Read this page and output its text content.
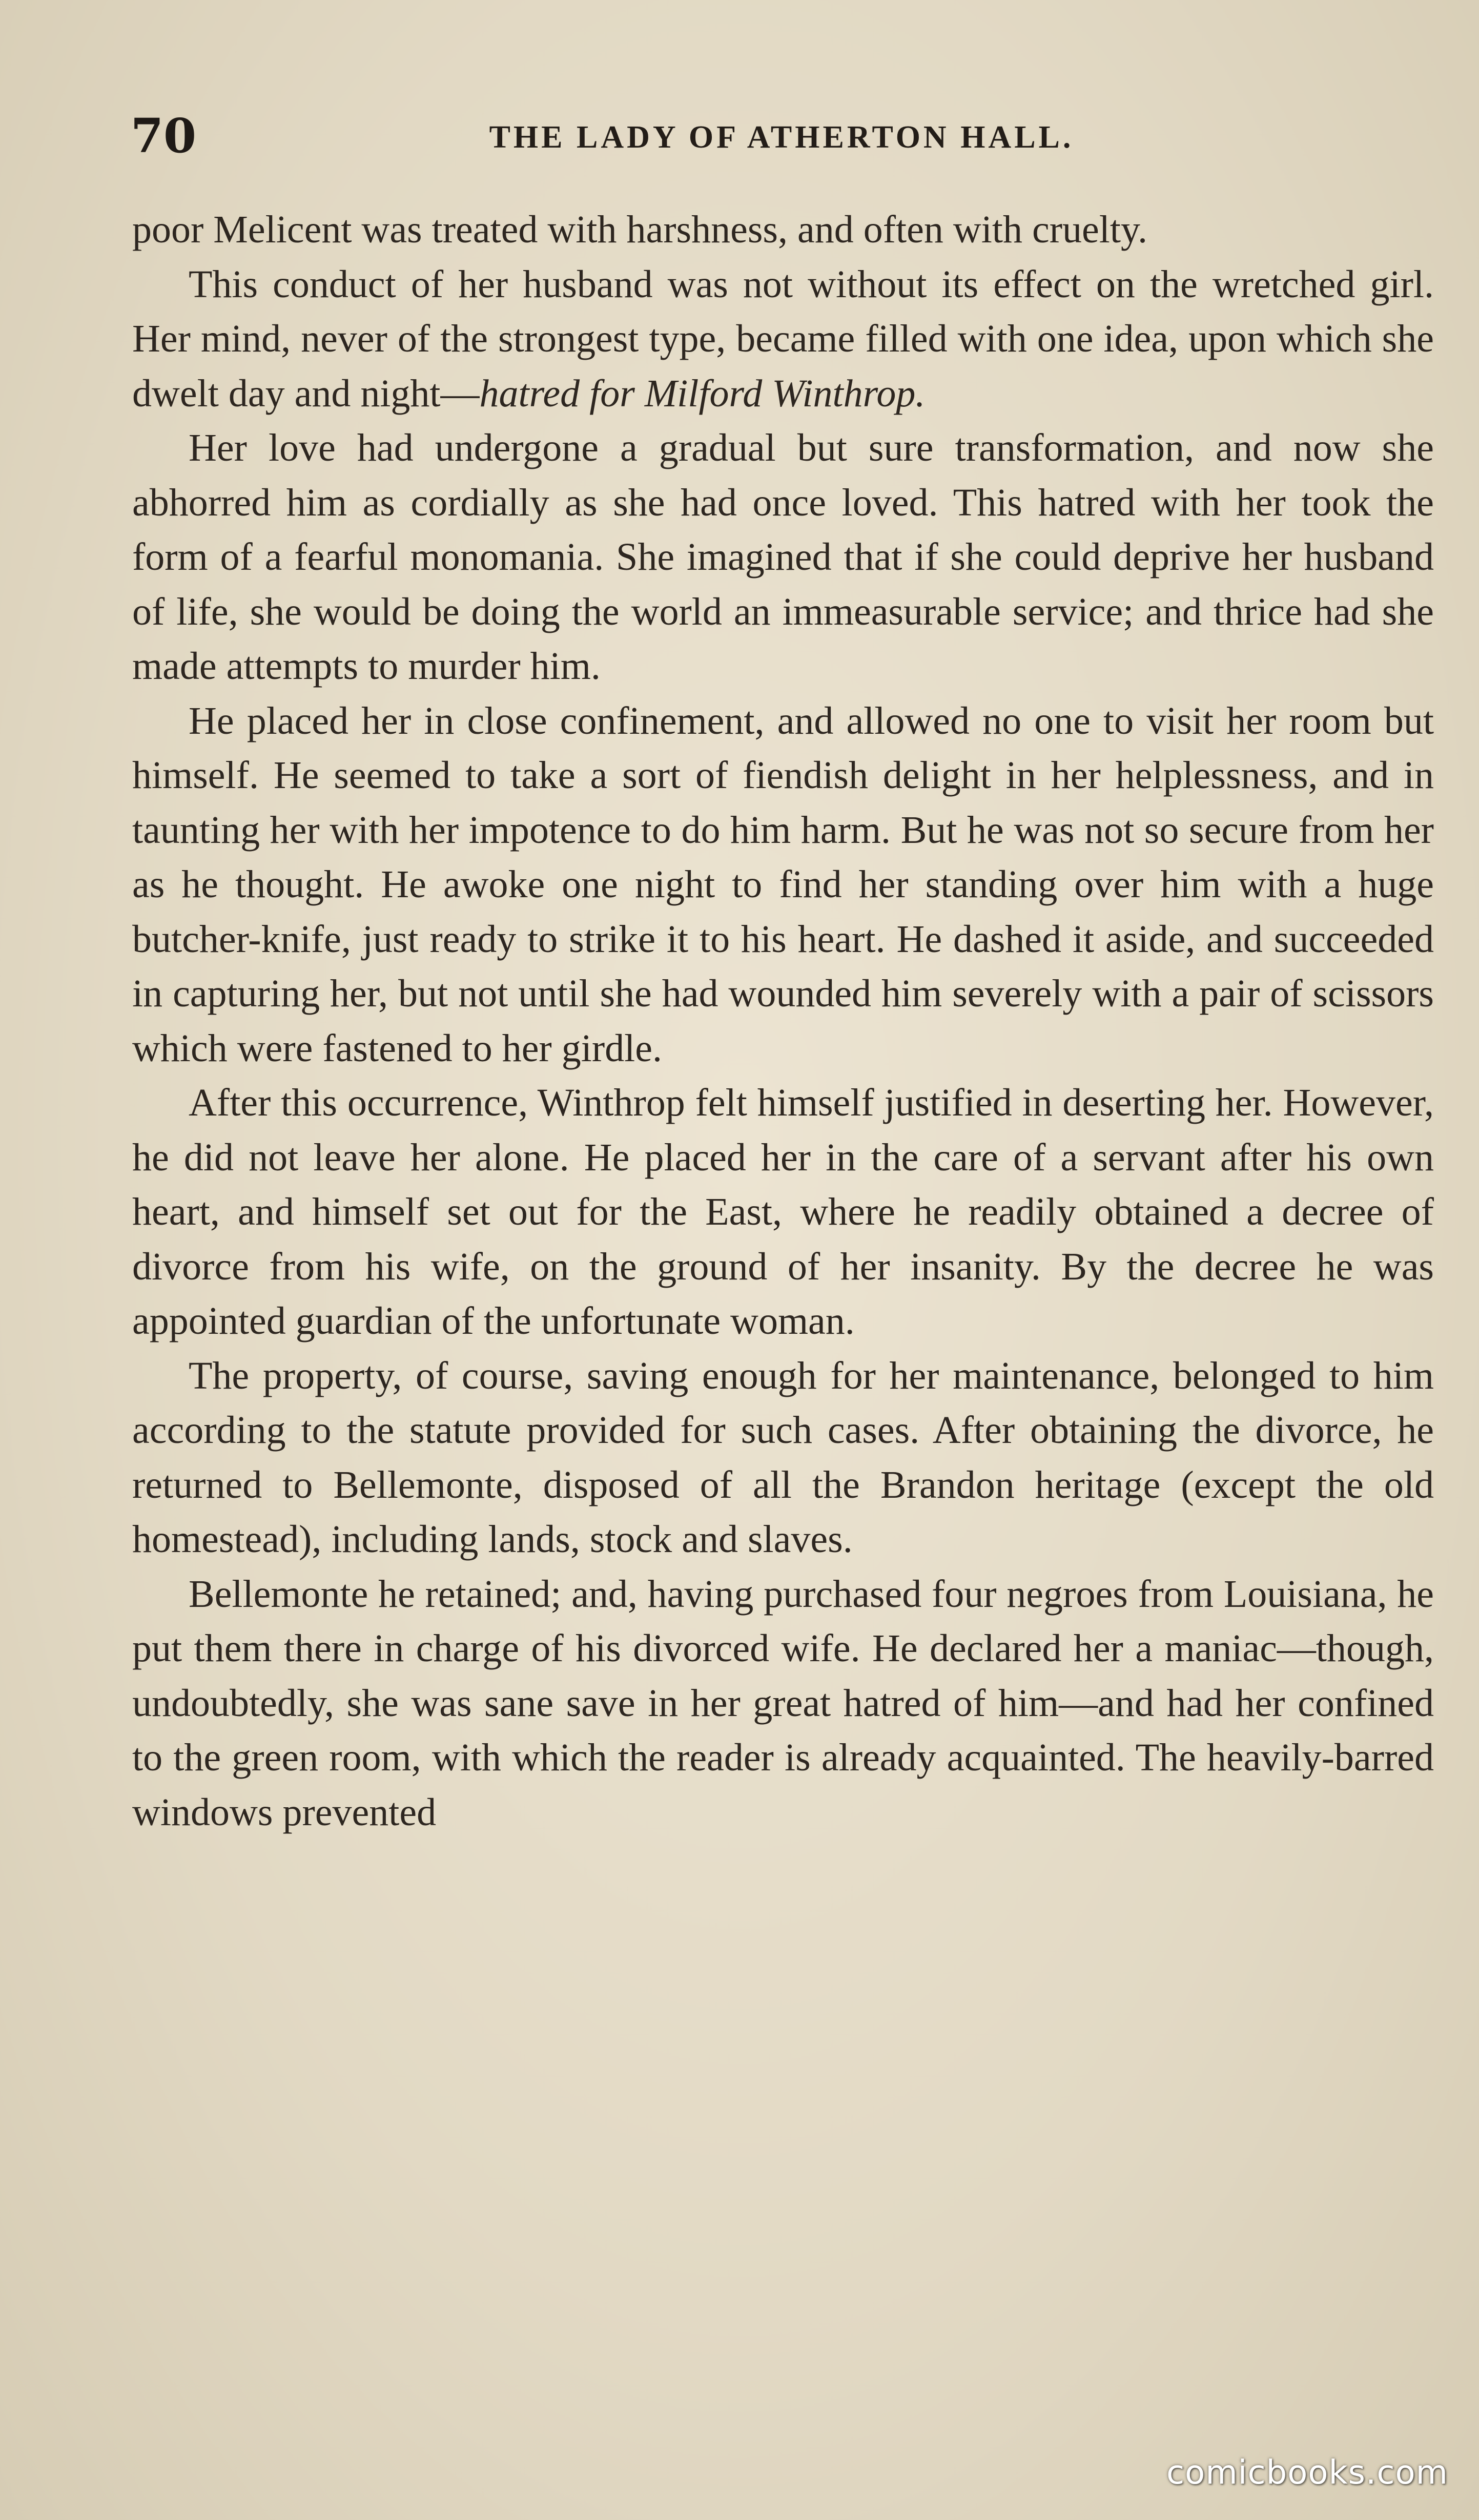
70	THE LADY OF ATHERTON HALL.

poor Melicent was treated with harshness, and often with cruelty.

This conduct of her husband was not without its effect on the wretched girl. Her mind, never of the strongest type, became filled with one idea, upon which she dwelt day and night—hatred for Milford Winthrop.

Her love had undergone a gradual but sure transformation, and now she abhorred him as cordially as she had once loved. This hatred with her took the form of a fearful monomania. She imagined that if she could deprive her husband of life, she would be doing the world an immeasurable service; and thrice had she made attempts to murder him.

He placed her in close confinement, and allowed no one to visit her room but himself. He seemed to take a sort of fiendish delight in her helplessness, and in taunting her with her impotence to do him harm. But he was not so secure from her as he thought. He awoke one night to find her standing over him with a huge butcher-knife, just ready to strike it to his heart. He dashed it aside, and succeeded in capturing her, but not until she had wounded him severely with a pair of scissors which were fastened to her girdle.

After this occurrence, Winthrop felt himself justified in deserting her. However, he did not leave her alone. He placed her in the care of a servant after his own heart, and himself set out for the East, where he readily obtained a decree of divorce from his wife, on the ground of her insanity. By the decree he was appointed guardian of the unfortunate woman.

The property, of course, saving enough for her maintenance, belonged to him according to the statute provided for such cases. After obtaining the divorce, he returned to Bellemonte, disposed of all the Brandon heritage (except the old homestead), including lands, stock and slaves.

Bellemonte he retained; and, having purchased four negroes from Louisiana, he put them there in charge of his divorced wife. He declared her a maniac—though, undoubtedly, she was sane save in her great hatred of him—and had her confined to the green room, with which the reader is already acquainted. The heavily-barred windows prevented

comicbooks.com
